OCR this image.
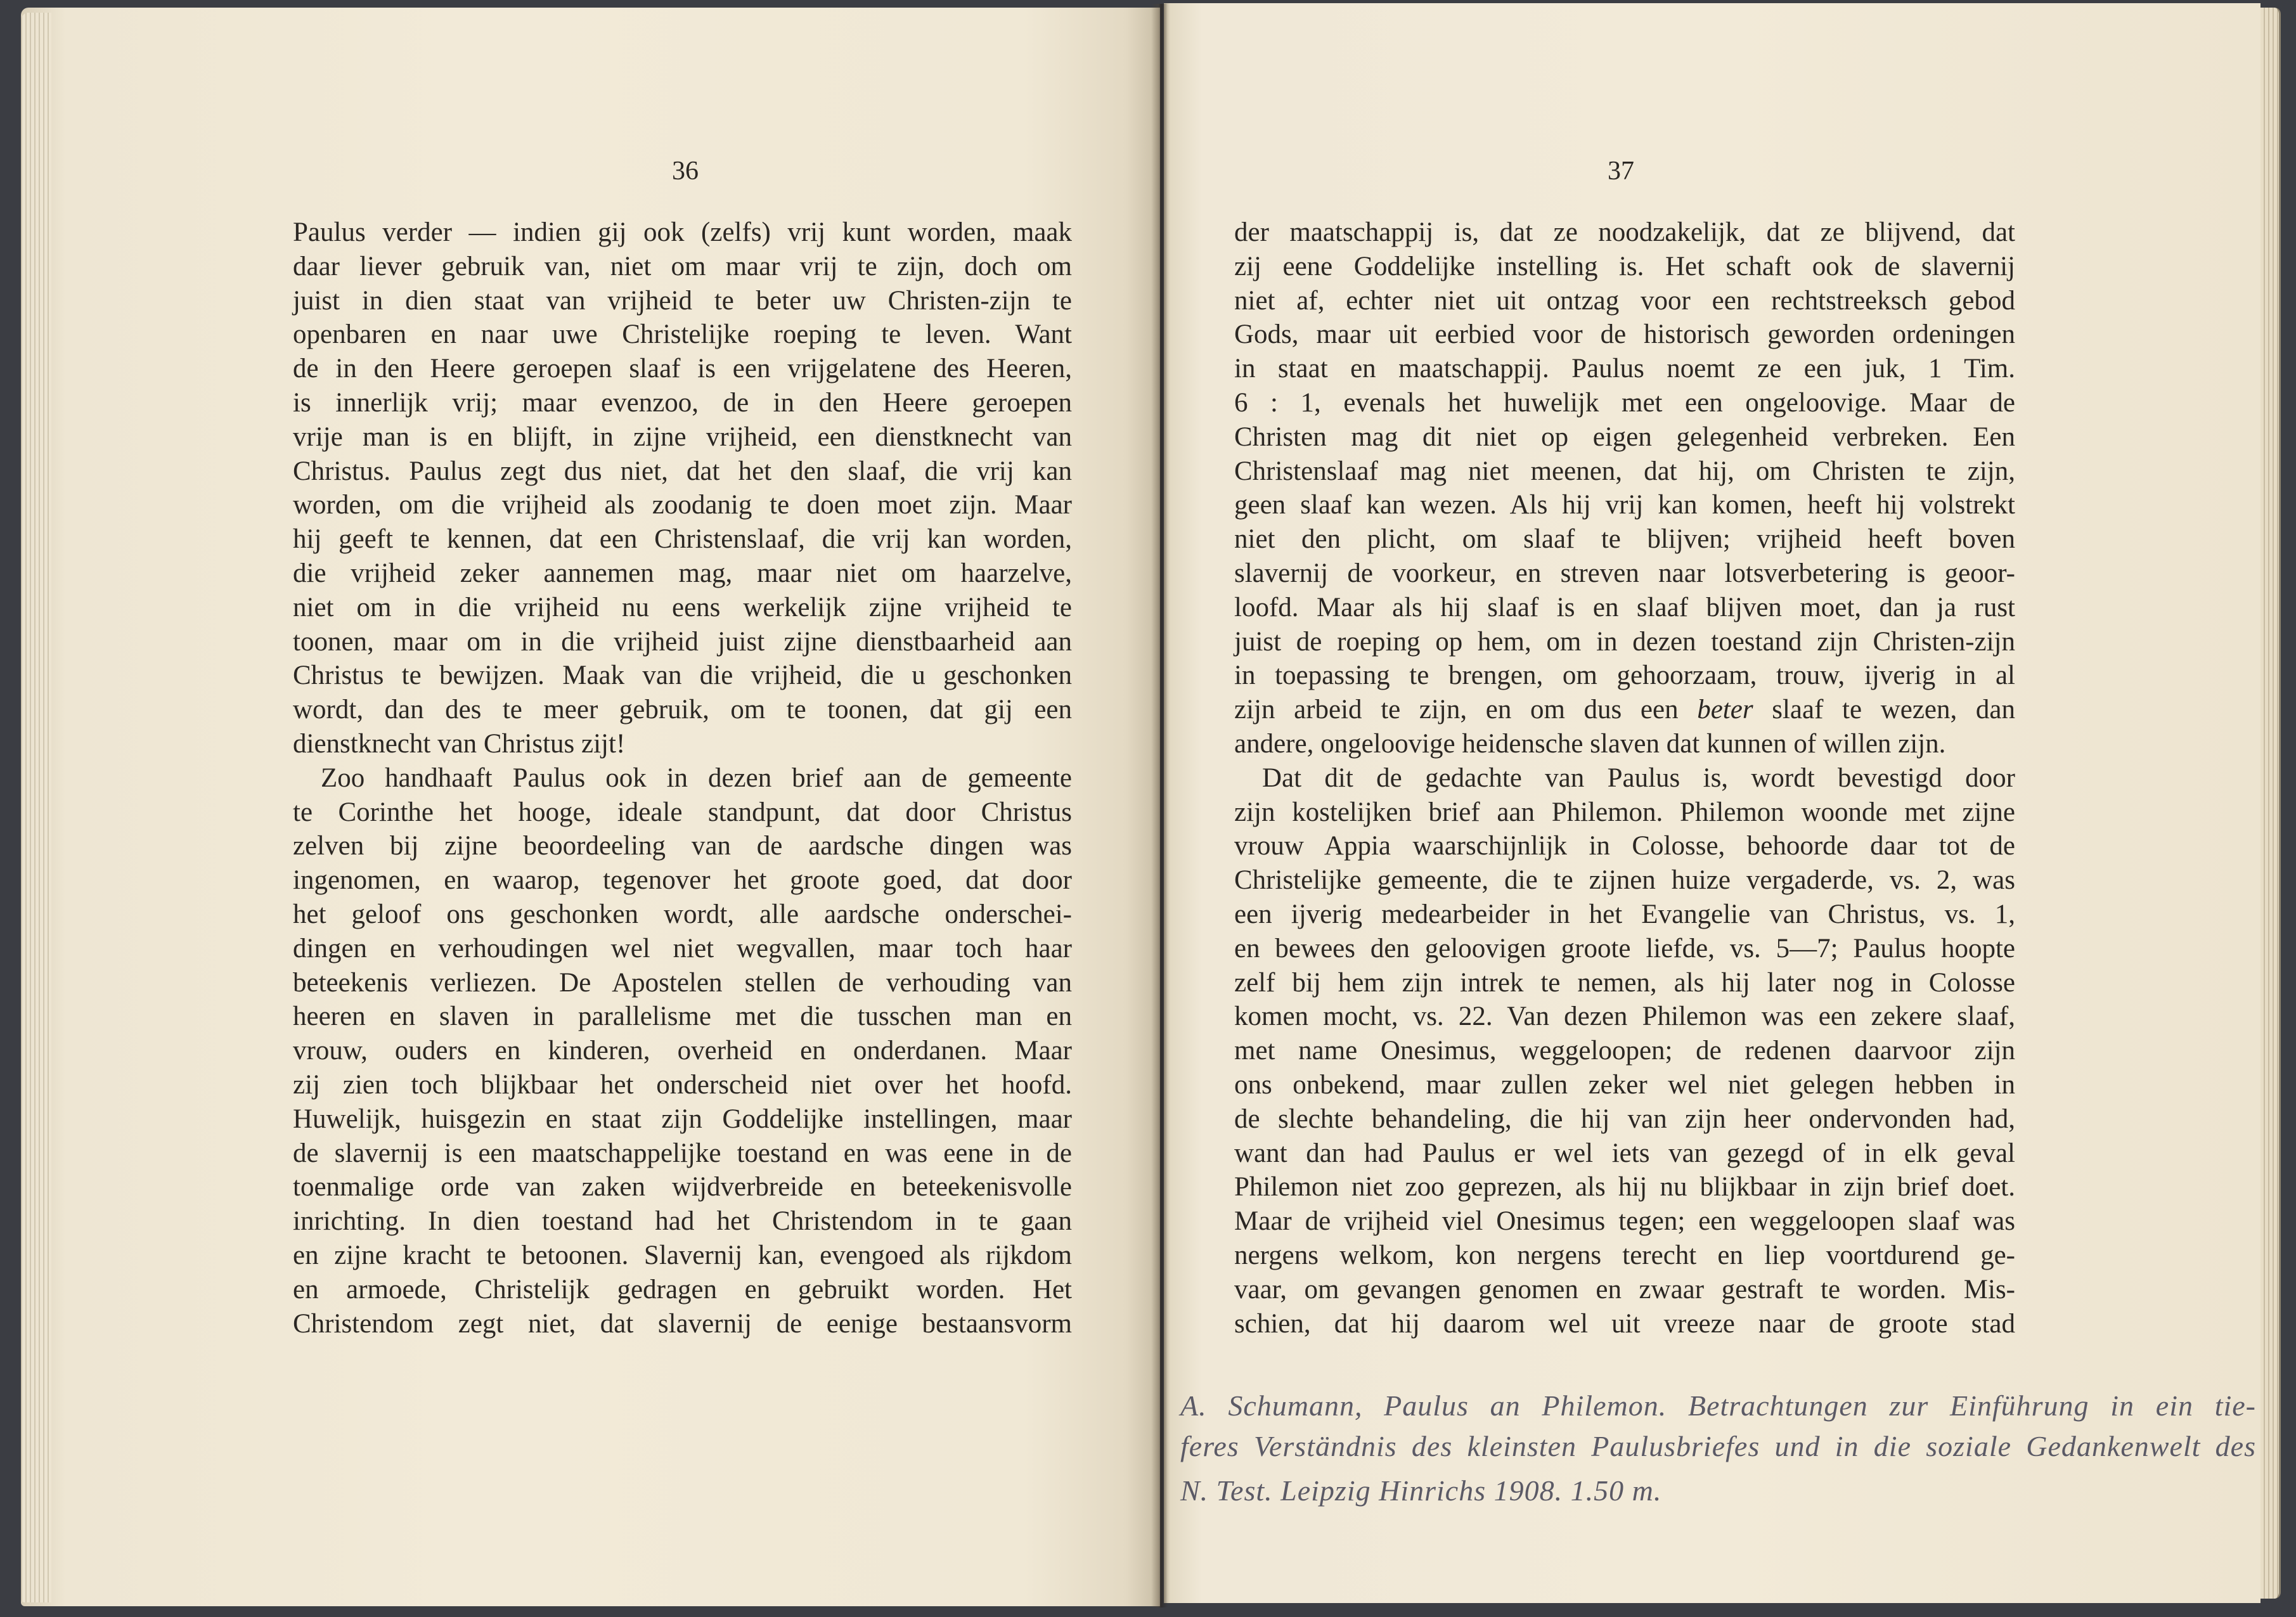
36	37
Paulus verder — indien gij ook (zelfs) vrij kunt worden, maak
daar liever gebruik van, niet om maar vrij te zijn, doch om
juist in dien staat van vrijheid te beter uw Christen-zijn te
openbaren en naar uwe Christelijke roeping te leven. Want
de in den Heere geroepen slaaf is een vrijgelatene des Heeren,
is innerlijk vrij; maar evenzoo, de in den Heere geroepen
vrije man is en blijft, in zijne vrijheid, een dienstknecht van
Christus. Paulus zegt dus niet, dat het den slaaf, die vrij kan
worden, om die vrijheid als zoodanig te doen moet zijn. Maar
hij geeft te kennen, dat een Christenslaaf, die vrij kan worden,
die vrijheid zeker aannemen mag, maar niet om haarzelve,
niet om in die vrijheid nu eens werkelijk zijne vrijheid te
toonen, maar om in die vrijheid juist zijne dienstbaarheid aan
Christus te bewijzen. Maak van die vrijheid, die u geschonken
wordt, dan des te meer gebruik, om te toonen, dat gij een
dienstknecht van Christus zijt!
Zoo handhaaft Paulus ook in dezen brief aan de gemeente
te Corinthe het hooge, ideale standpunt, dat door Christus
zelven bij zijne beoordeeling van de aardsche dingen was
ingenomen, en waarop, tegenover het groote goed, dat door
het geloof ons geschonken wordt, alle aardsche onderschei-
dingen en verhoudingen wel niet wegvallen, maar toch haar
beteekenis verliezen. De Apostelen stellen de verhouding van
heeren en slaven in parallelisme met die tusschen man en
vrouw, ouders en kinderen, overheid en onderdanen. Maar
zij zien toch blijkbaar het onderscheid niet over het hoofd.
Huwelijk, huisgezin en staat zijn Goddelijke instellingen, maar
de slavernij is een maatschappelijke toestand en was eene in de
toenmalige orde van zaken wijdverbreide en beteekenisvolle
inrichting. In dien toestand had het Christendom in te gaan
en zijne kracht te betoonen. Slavernij kan, evengoed als rijkdom
en armoede, Christelijk gedragen en gebruikt worden. Het
Christendom zegt niet, dat slavernij de eenige bestaansvorm
der maatschappij is, dat ze noodzakelijk, dat ze blijvend, dat
zij eene Goddelijke instelling is. Het schaft ook de slavernij
niet af, echter niet uit ontzag voor een rechtstreeksch gebod
Gods, maar uit eerbied voor de historisch geworden ordeningen
in staat en maatschappij. Paulus noemt ze een juk, 1 Tim.
6 : 1, evenals het huwelijk met een ongeloovige. Maar de
Christen mag dit niet op eigen gelegenheid verbreken. Een
Christenslaaf mag niet meenen, dat hij, om Christen te zijn,
geen slaaf kan wezen. Als hij vrij kan komen, heeft hij volstrekt
niet den plicht, om slaaf te blijven; vrijheid heeft boven
slavernij de voorkeur, en streven naar lotsverbetering is geoor-
loofd. Maar als hij slaaf is en slaaf blijven moet, dan ja rust
juist de roeping op hem, om in dezen toestand zijn Christen-zijn
in toepassing te brengen, om gehoorzaam, trouw, ijverig in al
zijn arbeid te zijn, en om dus een beter slaaf te wezen, dan
andere, ongeloovige heidensche slaven dat kunnen of willen zijn.
Dat dit de gedachte van Paulus is, wordt bevestigd door
zijn kostelijken brief aan Philemon. Philemon woonde met zijne
vrouw Appia waarschijnlijk in Colosse, behoorde daar tot de
Christelijke gemeente, die te zijnen huize vergaderde, vs. 2, was
een ijverig medearbeider in het Evangelie van Christus, vs. 1,
en bewees den geloovigen groote liefde, vs. 5—7; Paulus hoopte
zelf bij hem zijn intrek te nemen, als hij later nog in Colosse
komen mocht, vs. 22. Van dezen Philemon was een zekere slaaf,
met name Onesimus, weggeloopen; de redenen daarvoor zijn
ons onbekend, maar zullen zeker wel niet gelegen hebben in
de slechte behandeling, die hij van zijn heer ondervonden had,
want dan had Paulus er wel iets van gezegd of in elk geval
Philemon niet zoo geprezen, als hij nu blijkbaar in zijn brief doet.
Maar de vrijheid viel Onesimus tegen; een weggeloopen slaaf was
nergens welkom, kon nergens terecht en liep voortdurend ge-
vaar, om gevangen genomen en zwaar gestraft te worden. Mis-
schien, dat hij daarom wel uit vreeze naar de groote stad
A. Schumann, Paulus an Philemon. Betrachtungen zur Einführung in ein tie-
feres Verständnis des kleinsten Paulusbriefes und in die soziale Gedankenwelt des
N. Test. Leipzig Hinrichs 1908. 1.50 m.
